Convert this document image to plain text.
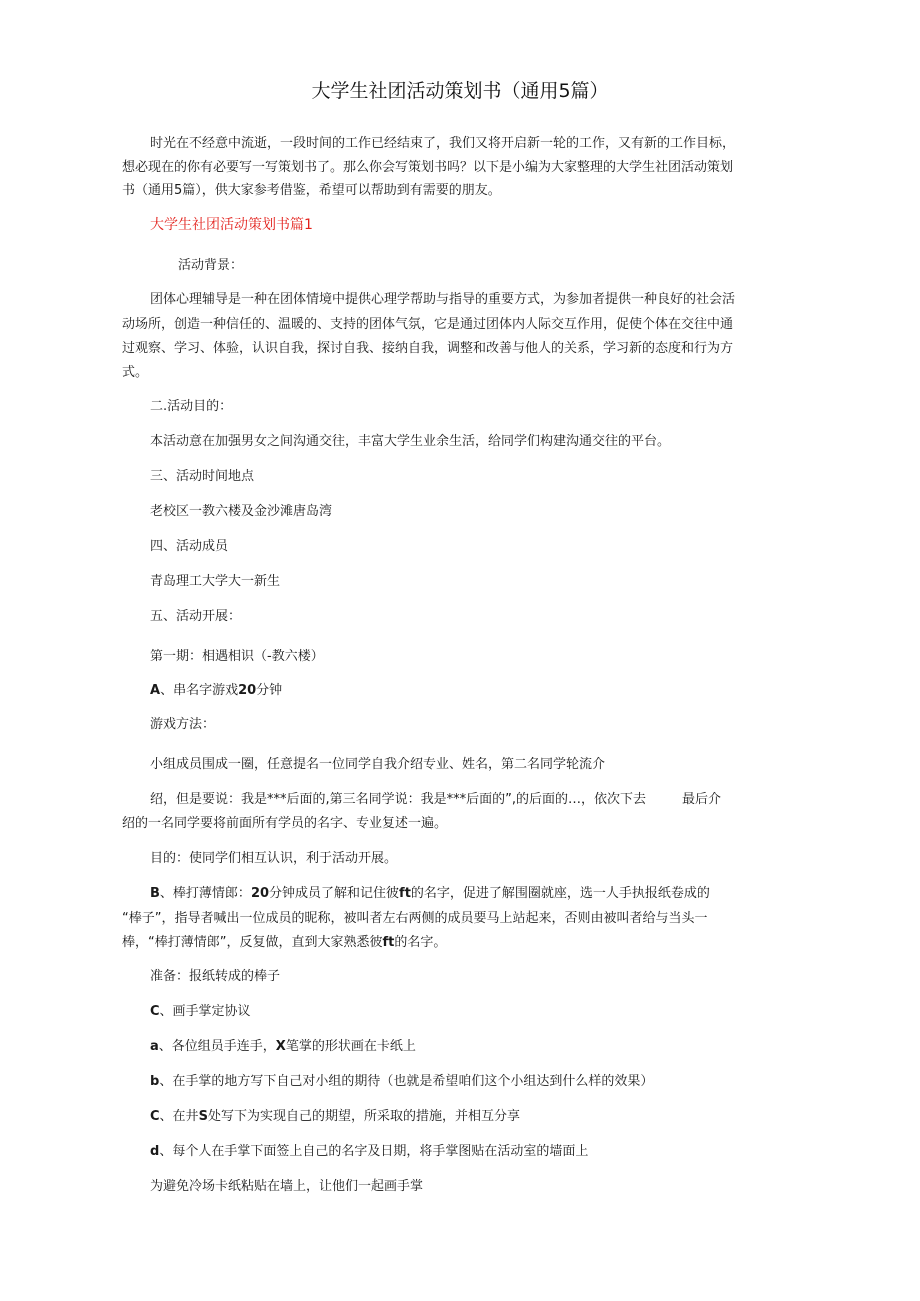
大学生社团活动策划书（通用5篇）

时光在不经意中流逝，一段时间的工作已经结束了，我们又将开启新一轮的工作，又有新的工作目标，

想必现在的你有必要写一写策划书了。那么你会写策划书吗？以下是小编为大家整理的大学生社团活动策划

书（通用5篇），供大家参考借鉴，希望可以帮助到有需要的朋友。

大学生社团活动策划书篇1

活动背景：

团体心理辅导是一种在团体情境中提供心理学帮助与指导的重要方式，为参加者提供一种良好的社会活

动场所，创造一种信任的、温暖的、支持的团体气氛，它是通过团体内人际交互作用，促使个体在交往中通

过观察、学习、体验，认识自我，探讨自我、接纳自我，调整和改善与他人的关系，学习新的态度和行为方

式。

二.活动目的：

本活动意在加强男女之间沟通交往，丰富大学生业余生活，给同学们构建沟通交往的平台。

三、活动时间地点

老校区一教六楼及金沙滩唐岛湾

四、活动成员

青岛理工大学大一新生

五、活动开展：

第一期：相遇相识（-教六楼）

A、串名字游戏20分钟

游戏方法：

小组成员围成一圈，任意提名一位同学自我介绍专业、姓名，第二名同学轮流介

绍，但是要说：我是***后面的,第三名同学说：我是***后面的”,的后面的…，依次下去	最后介

绍的一名同学要将前面所有学员的名字、专业复述一遍。

目的：使同学们相互认识，利于活动开展。

B、棒打薄情郎：20分钟成员了解和记住彼ft的名字，促进了解围圈就座，选一人手执报纸卷成的

“棒子”，指导者喊出一位成员的昵称，被叫者左右两侧的成员要马上站起来，否则由被叫者给与当头一

棒，“棒打薄情郎”，反复做，直到大家熟悉彼ft的名字。

准备：报纸转成的棒子

C、画手掌定协议

a、各位组员手连手，X笔掌的形状画在卡纸上

b、在手掌的地方写下自己对小组的期待（也就是希望咱们这个小组达到什么样的效果）

C、在井S处写下为实现自己的期望，所采取的措施，并相互分享

d、每个人在手掌下面签上自己的名字及日期，将手掌图贴在活动室的墙面上

为避免冷场卡纸粘贴在墙上，让他们一起画手掌
